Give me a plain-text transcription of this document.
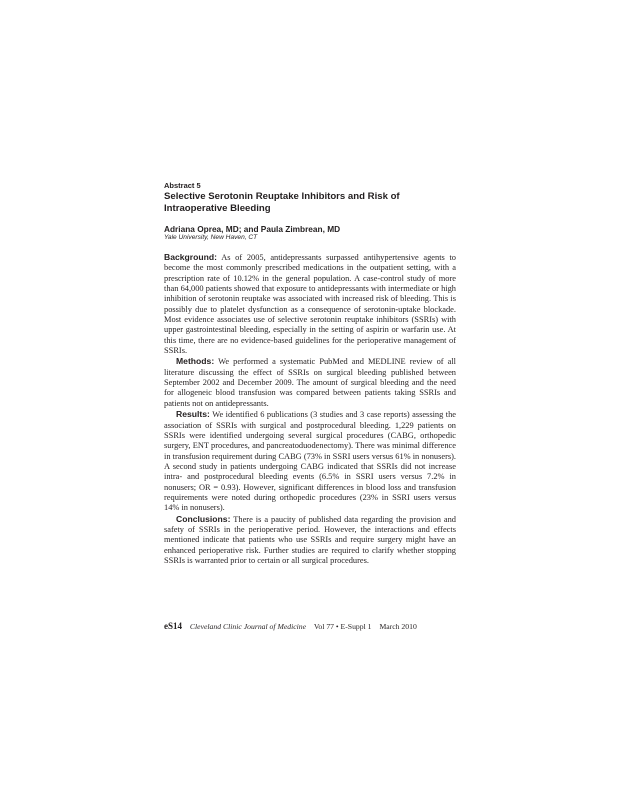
Abstract 5

Selective Serotonin Reuptake Inhibitors and Risk of Intraoperative Bleeding

Adriana Oprea, MD; and Paula Zimbrean, MD

Yale University, New Haven, CT

Background: As of 2005, antidepressants surpassed antihypertensive agents to become the most commonly prescribed medications in the outpatient setting, with a prescription rate of 10.12% in the general population. A case-control study of more than 64,000 patients showed that exposure to antidepressants with intermediate or high inhibition of serotonin reuptake was associated with increased risk of bleeding. This is possibly due to platelet dysfunction as a consequence of serotonin-uptake blockade. Most evidence associates use of selective serotonin reuptake inhibitors (SSRIs) with upper gastrointestinal bleeding, especially in the setting of aspirin or warfarin use. At this time, there are no evidence-based guidelines for the perioperative management of SSRIs.

Methods: We performed a systematic PubMed and MEDLINE review of all literature discussing the effect of SSRIs on surgical bleeding published between September 2002 and December 2009. The amount of surgical bleeding and the need for allogeneic blood transfusion was compared between patients taking SSRIs and patients not on antidepressants.

Results: We identified 6 publications (3 studies and 3 case reports) assessing the association of SSRIs with surgical and postprocedural bleeding. 1,229 patients on SSRIs were identified undergoing several surgical procedures (CABG, orthopedic surgery, ENT procedures, and pancreatoduodenectomy). There was minimal difference in transfusion requirement during CABG (73% in SSRI users versus 61% in nonusers). A second study in patients undergoing CABG indicated that SSRIs did not increase intra- and postprocedural bleeding events (6.5% in SSRI users versus 7.2% in nonusers; OR = 0.93). However, significant differences in blood loss and transfusion requirements were noted during orthopedic procedures (23% in SSRI users versus 14% in nonusers).

Conclusions: There is a paucity of published data regarding the provision and safety of SSRIs in the perioperative period. However, the interactions and effects mentioned indicate that patients who use SSRIs and require surgery might have an enhanced perioperative risk. Further studies are required to clarify whether stopping SSRIs is warranted prior to certain or all surgical procedures.

eS14 Cleveland Clinic Journal of Medicine Vol 77 • E-Suppl 1 March 2010
